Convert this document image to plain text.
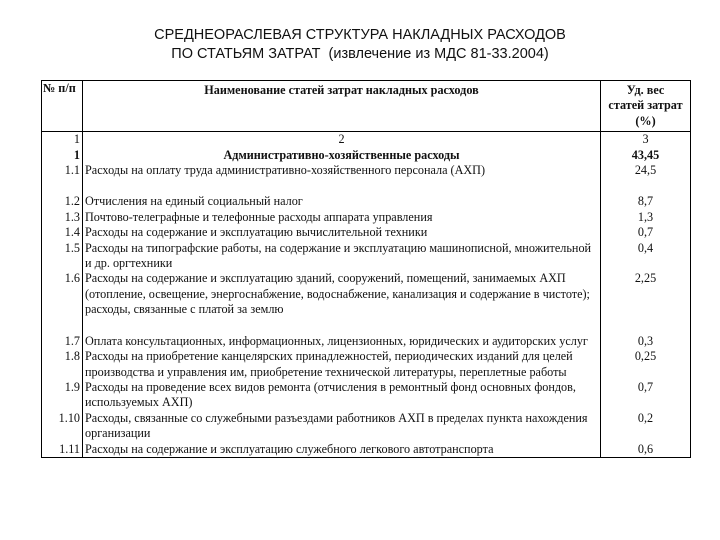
СРЕДНЕОРАСЛЕВАЯ СТРУКТУРА НАКЛАДНЫХ РАСХОДОВ
ПО СТАТЬЯМ ЗАТРАТ (извлечение из МДС 81-33.2004)
№ п/п	Наименование статей затрат накладных расходов	Уд. вес
статей затрат
(%)

1	2	3
1	Административно-хозяйственные расходы	43,45
1.1	Расходы на оплату труда административно-хозяйственного персонала (АХП)	24,5

1.2	Отчисления на единый социальный налог	8,7
1.3	Почтово-телеграфные и телефонные расходы аппарата управления	1,3
1.4	Расходы на содержание и эксплуатацию вычислительной техники	0,7
1.5	Расходы на типографские работы, на содержание и эксплуатацию машинописной, множительной и др. оргтехники	0,4
1.6	Расходы на содержание и эксплуатацию зданий, сооружений, помещений, занимаемых АХП (отопление, освещение, энергоснабжение, водоснабжение, канализация и содержание в чистоте); расходы, связанные с платой за землю	2,25

1.7	Оплата консультационных, информационных, лицензионных, юридических и аудиторских услуг	0,3
1.8	Расходы на приобретение канцелярских принадлежностей, периодических изданий для целей производства и управления им, приобретение технической литературы, переплетные работы	0,25
1.9	Расходы на проведение всех видов ремонта (отчисления в ремонтный фонд основных фондов, используемых АХП)	0,7
1.10	Расходы, связанные со служебными разъездами работников АХП в пределах пункта нахождения организации	0,2
1.11	Расходы на содержание и эксплуатацию служебного легкового автотранспорта	0,6
